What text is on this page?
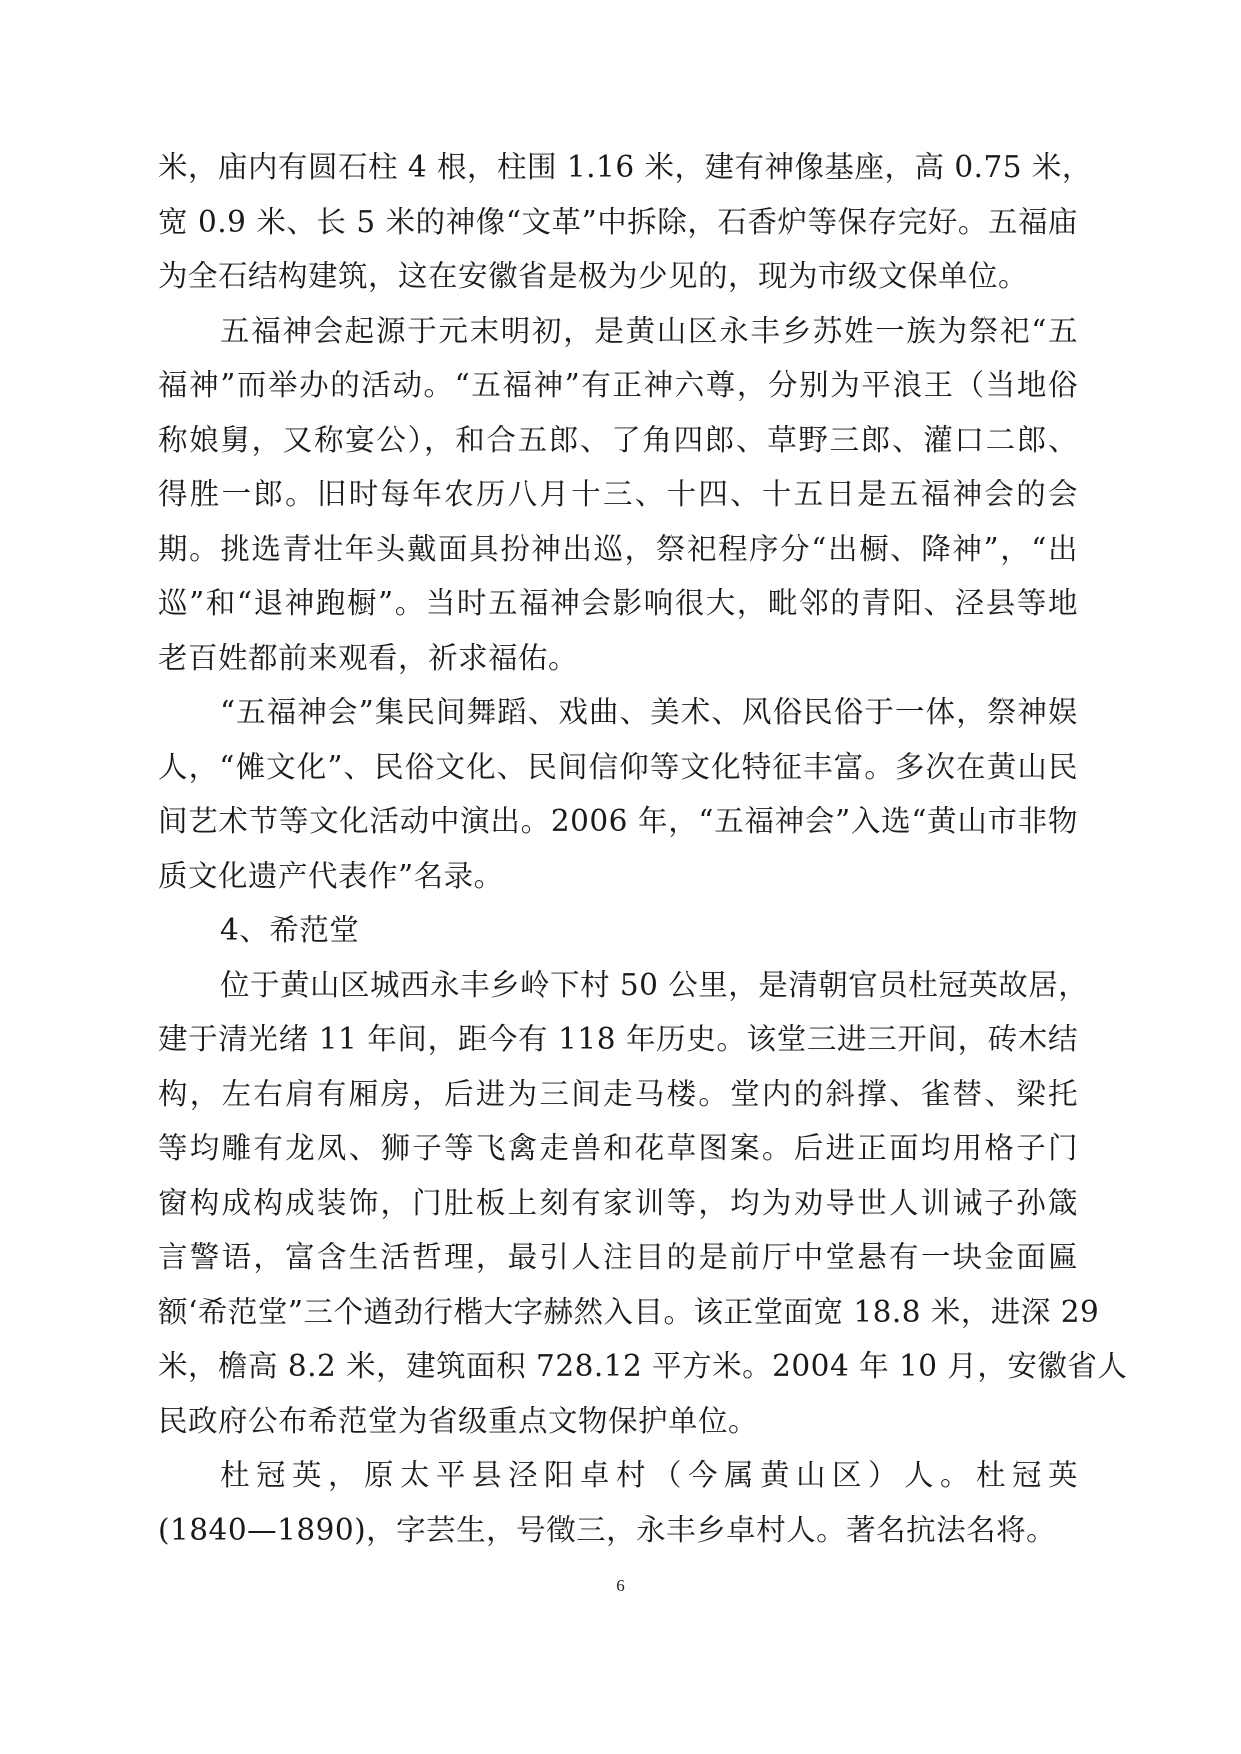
米，庙内有圆石柱 4 根，柱围 1.16 米，建有神像基座，高 0.75 米，
宽 0.9 米、长 5 米的神像“文革”中拆除，石香炉等保存完好。五福庙
为全石结构建筑，这在安徽省是极为少见的，现为市级文保单位。
五福神会起源于元末明初，是黄山区永丰乡苏姓一族为祭祀“五
福神”而举办的活动。“五福神”有正神六尊，分别为平浪王（当地俗
称娘舅，又称宴公），和合五郎、了角四郎、草野三郎、灌口二郎、
得胜一郎。旧时每年农历八月十三、十四、十五日是五福神会的会
期。挑选青壮年头戴面具扮神出巡，祭祀程序分“出橱、降神”，“出
巡”和“退神跑橱”。当时五福神会影响很大，毗邻的青阳、泾县等地
老百姓都前来观看，祈求福佑。
“五福神会”集民间舞蹈、戏曲、美术、风俗民俗于一体，祭神娱
人，“傩文化”、民俗文化、民间信仰等文化特征丰富。多次在黄山民
间艺术节等文化活动中演出。2006 年，“五福神会”入选“黄山市非物
质文化遗产代表作”名录。
4、希范堂
位于黄山区城西永丰乡岭下村 50 公里，是清朝官员杜冠英故居，
建于清光绪 11 年间，距今有 118 年历史。该堂三进三开间，砖木结
构，左右肩有厢房，后进为三间走马楼。堂内的斜撑、雀替、梁托
等均雕有龙凤、狮子等飞禽走兽和花草图案。后进正面均用格子门
窗构成构成装饰，门肚板上刻有家训等，均为劝导世人训诫子孙箴
言警语，富含生活哲理，最引人注目的是前厅中堂悬有一块金面匾
额‘希范堂”三个遒劲行楷大字赫然入目。该正堂面宽 18.8 米，进深 29
米，檐高 8.2 米，建筑面积 728.12 平方米。2004 年 10 月，安徽省人
民政府公布希范堂为省级重点文物保护单位。
杜冠英，原太平县泾阳卓村（今属黄山区）人。杜冠英
(1840—1890)，字芸生，号徵三，永丰乡卓村人。著名抗法名将。
6
